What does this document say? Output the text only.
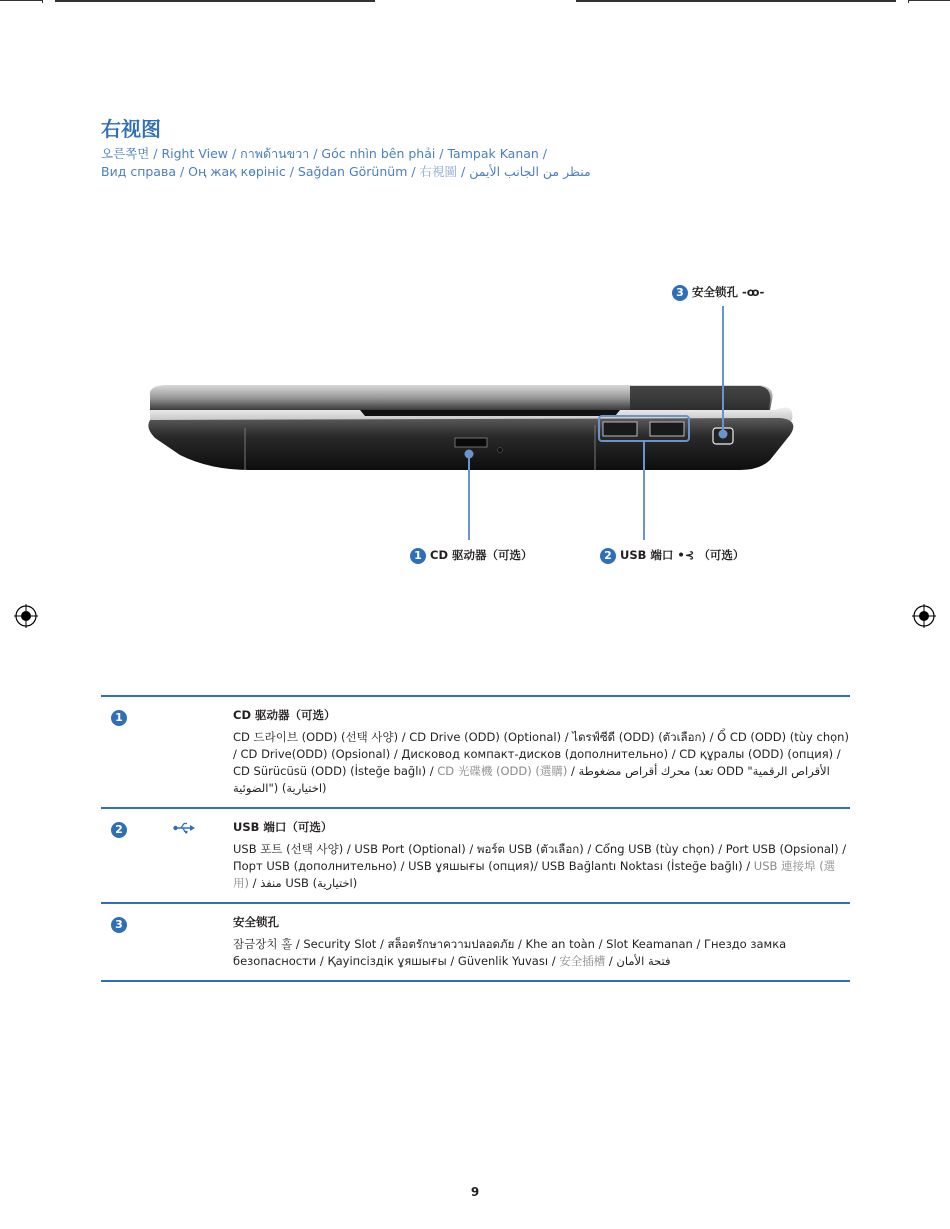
右视图
오른쪽면 / Right View / กาพด้านขวา / Góc nhìn bên phải / Tampak Kanan /
Вид справа / Оң жақ көрініс / Sağdan Görünüm / 右視圖 / منظر من الجانب الأيمن
3 安全锁孔 -ꝏ-
1 CD 驱动器（可选）	2 USB 端口 •⊰ （可选）
1		CD 驱动器（可选）
CD 드라이브 (ODD) (선택 사양) / CD Drive (ODD) (Optional) / ไดรฟ์ซีดี (ODD) (ตัวเลือก) / Ổ CD (ODD) (tùy chọn) / CD Drive(ODD) (Opsional) / Дисковод компакт-дисков (дополнительно) / CD құралы (ODD) (опция) / CD Sürücüsü (ODD) (İsteğe bağlı) / CD 光碟機 (ODD) (選購) / محرك أقراص مضغوطة (تعد ODD "الأقراص الرقمية الضوئية") (اختيارية)

2		USB 端口（可选）
USB 포트 (선택 사양) / USB Port (Optional) / พอร์ต USB (ตัวเลือก) / Cổng USB (tùy chọn) / Port USB (Opsional) / Порт USB (дополнительно) / USB ұяшығы (опция)/ USB Bağlantı Noktası (İsteğe bağlı) / USB 連接埠 (選用) / منفذ USB (اختيارية)

3		安全锁孔
잠금장치 홀 / Security Slot / สล็อตรักษาความปลอดภัย / Khe an toàn / Slot Keamanan / Гнездо замка безопасности / Қауіпсіздік ұяшығы / Güvenlik Yuvası / 安全插槽 / فتحة الأمان
9
